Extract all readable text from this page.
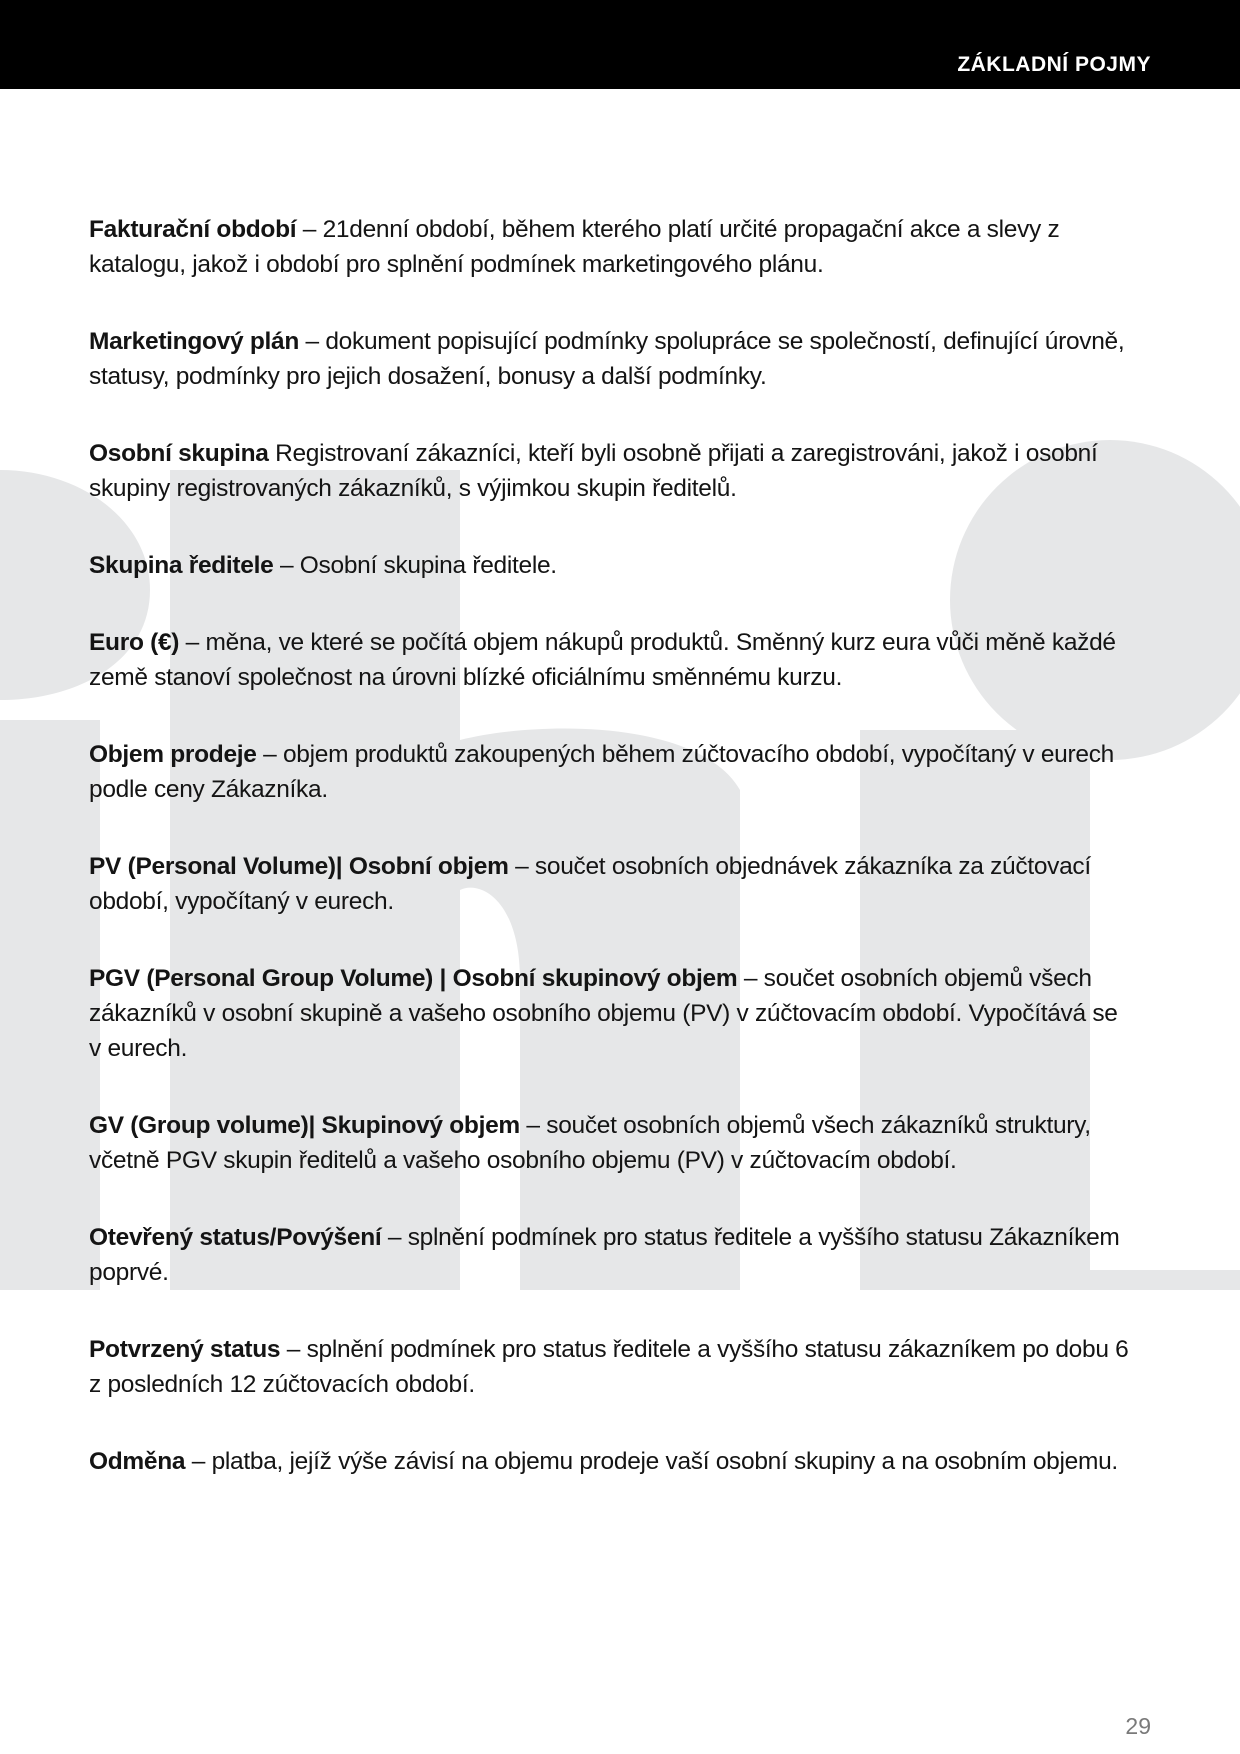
ZÁKLADNÍ POJMY

Fakturační období – 21denní období, během kterého platí určité propagační akce a slevy z katalogu, jakož i období pro splnění podmínek marketingového plánu.

Marketingový plán – dokument popisující podmínky spolupráce se společností, definující úrovně, statusy, podmínky pro jejich dosažení, bonusy a další podmínky.

Osobní skupina Registrovaní zákazníci, kteří byli osobně přijati a zaregistrováni, jakož i osobní skupiny registrovaných zákazníků, s výjimkou skupin ředitelů.

Skupina ředitele – Osobní skupina ředitele.

Euro (€) – měna, ve které se počítá objem nákupů produktů. Směnný kurz eura vůči měně každé země stanoví společnost na úrovni blízké oficiálnímu směnnému kurzu.

Objem prodeje – objem produktů zakoupených během zúčtovacího období, vypočítaný v eurech podle ceny Zákazníka.

PV (Personal Volume)| Osobní objem – součet osobních objednávek zákazníka za zúčtovací období, vypočítaný v eurech.

PGV (Personal Group Volume) | Osobní skupinový objem – součet osobních objemů všech zákazníků v osobní skupině a vašeho osobního objemu (PV) v zúčtovacím období. Vypočítává se v eurech.

GV (Group volume)| Skupinový objem – součet osobních objemů všech zákazníků struktury, včetně PGV skupin ředitelů a vašeho osobního objemu (PV) v zúčtovacím období.

Otevřený status/Povýšení – splnění podmínek pro status ředitele a vyššího statusu Zákazníkem poprvé.

Potvrzený status – splnění podmínek pro status ředitele a vyššího statusu zákazníkem po dobu 6 z posledních 12 zúčtovacích období.

Odměna – platba, jejíž výše závisí na objemu prodeje vaší osobní skupiny a na osobním objemu.

29
